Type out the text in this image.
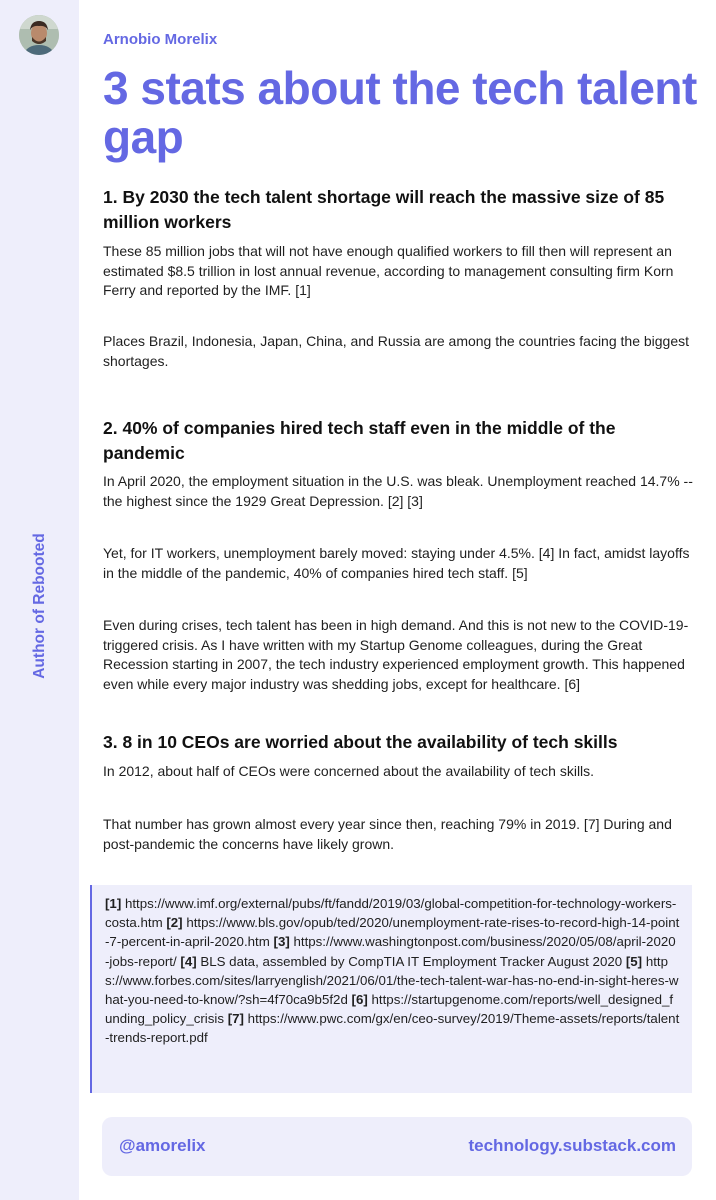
Author of Rebooted
Arnobio Morelix
3 stats about the tech talent gap
1. By 2030 the tech talent shortage will reach the massive size of 85 million workers

These 85 million jobs that will not have enough qualified workers to fill then will represent an estimated $8.5 trillion in lost annual revenue, according to management consulting firm Korn Ferry and reported by the IMF. [1]

Places Brazil, Indonesia, Japan, China, and Russia are among the countries facing the biggest shortages.

2. 40% of companies hired tech staff even in the middle of the pandemic

In April 2020, the employment situation in the U.S. was bleak. Unemployment reached 14.7% -- the highest since the 1929 Great Depression. [2] [3]

Yet, for IT workers, unemployment barely moved: staying under 4.5%. [4] In fact, amidst layoffs in the middle of the pandemic, 40% of companies hired tech staff. [5]

Even during crises, tech talent has been in high demand. And this is not new to the COVID-19-triggered crisis. As I have written with my Startup Genome colleagues, during the Great Recession starting in 2007, the tech industry experienced employment growth. This happened even while every major industry was shedding jobs, except for healthcare. [6]

3. 8 in 10 CEOs are worried about the availability of tech skills

In 2012, about half of CEOs were concerned about the availability of tech skills.

That number has grown almost every year since then, reaching 79% in 2019. [7] During and post-pandemic the concerns have likely grown.

[1] https://www.imf.org/external/pubs/ft/fandd/2019/03/global-competition-for-technology-workers-costa.htm [2] https://www.bls.gov/opub/ted/2020/unemployment-rate-rises-to-record-high-14-point-7-percent-in-april-2020.htm [3] https://www.washingtonpost.com/business/2020/05/08/april-2020-jobs-report/ [4] BLS data, assembled by CompTIA IT Employment Tracker August 2020 [5] https://www.forbes.com/sites/larryenglish/2021/06/01/the-tech-talent-war-has-no-end-in-sight-heres-what-you-need-to-know/?sh=4f70ca9b5f2d [6] https://startupgenome.com/reports/well_designed_funding_policy_crisis [7] https://www.pwc.com/gx/en/ceo-survey/2019/Theme-assets/reports/talent-trends-report.pdf
@amorelix	technology.substack.com
